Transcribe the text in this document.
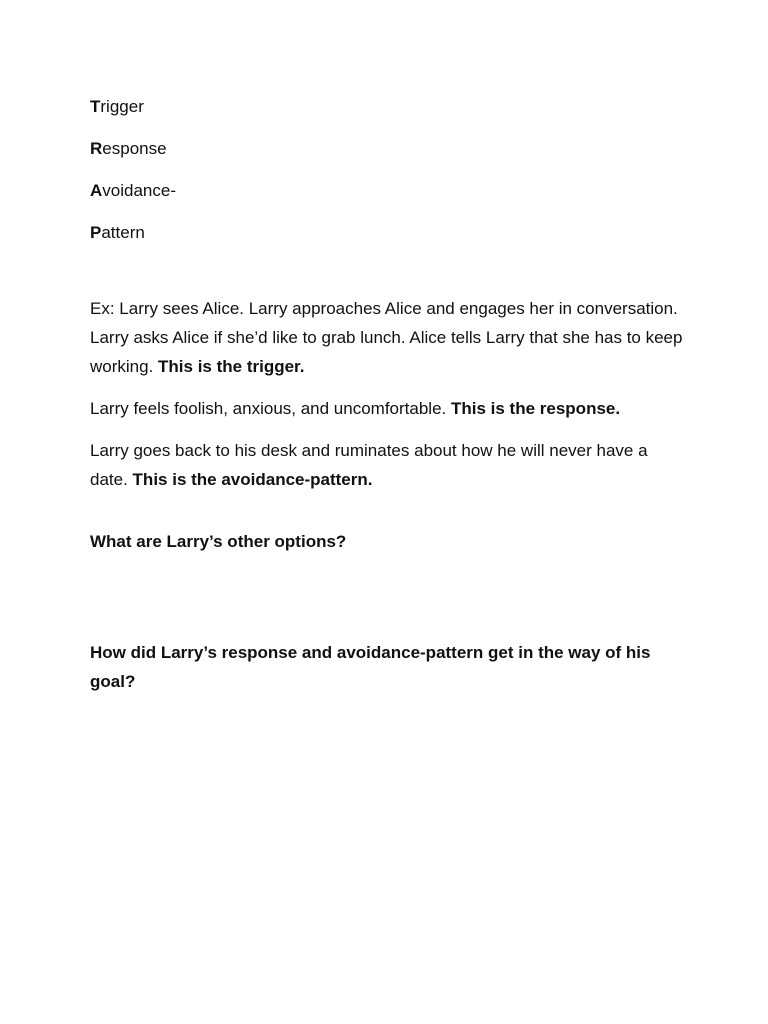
Trigger
Response
Avoidance-
Pattern

Ex: Larry sees Alice. Larry approaches Alice and engages her in conversation. Larry asks Alice if she’d like to grab lunch. Alice tells Larry that she has to keep working. This is the trigger.

Larry feels foolish, anxious, and uncomfortable. This is the response.

Larry goes back to his desk and ruminates about how he will never have a date. This is the avoidance-pattern.

What are Larry’s other options?

How did Larry’s response and avoidance-pattern get in the way of his goal?
